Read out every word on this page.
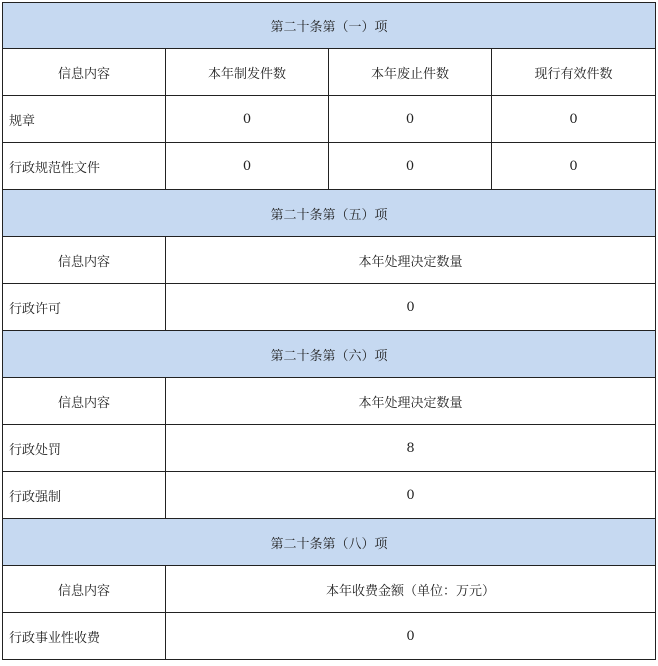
第二十条第（一）项			
信息内容	本年制发件数	本年废止件数	现行有效件数
规章	0	0	0
行政规范性文件	0	0	0
第二十条第（五）项			
信息内容	本年处理决定数量		
行政许可	0		
第二十条第（六）项			
信息内容	本年处理决定数量		
行政处罚	8		
行政强制	0		
第二十条第（八）项			
信息内容	本年收费金额（单位：万元）		
行政事业性收费	0		
